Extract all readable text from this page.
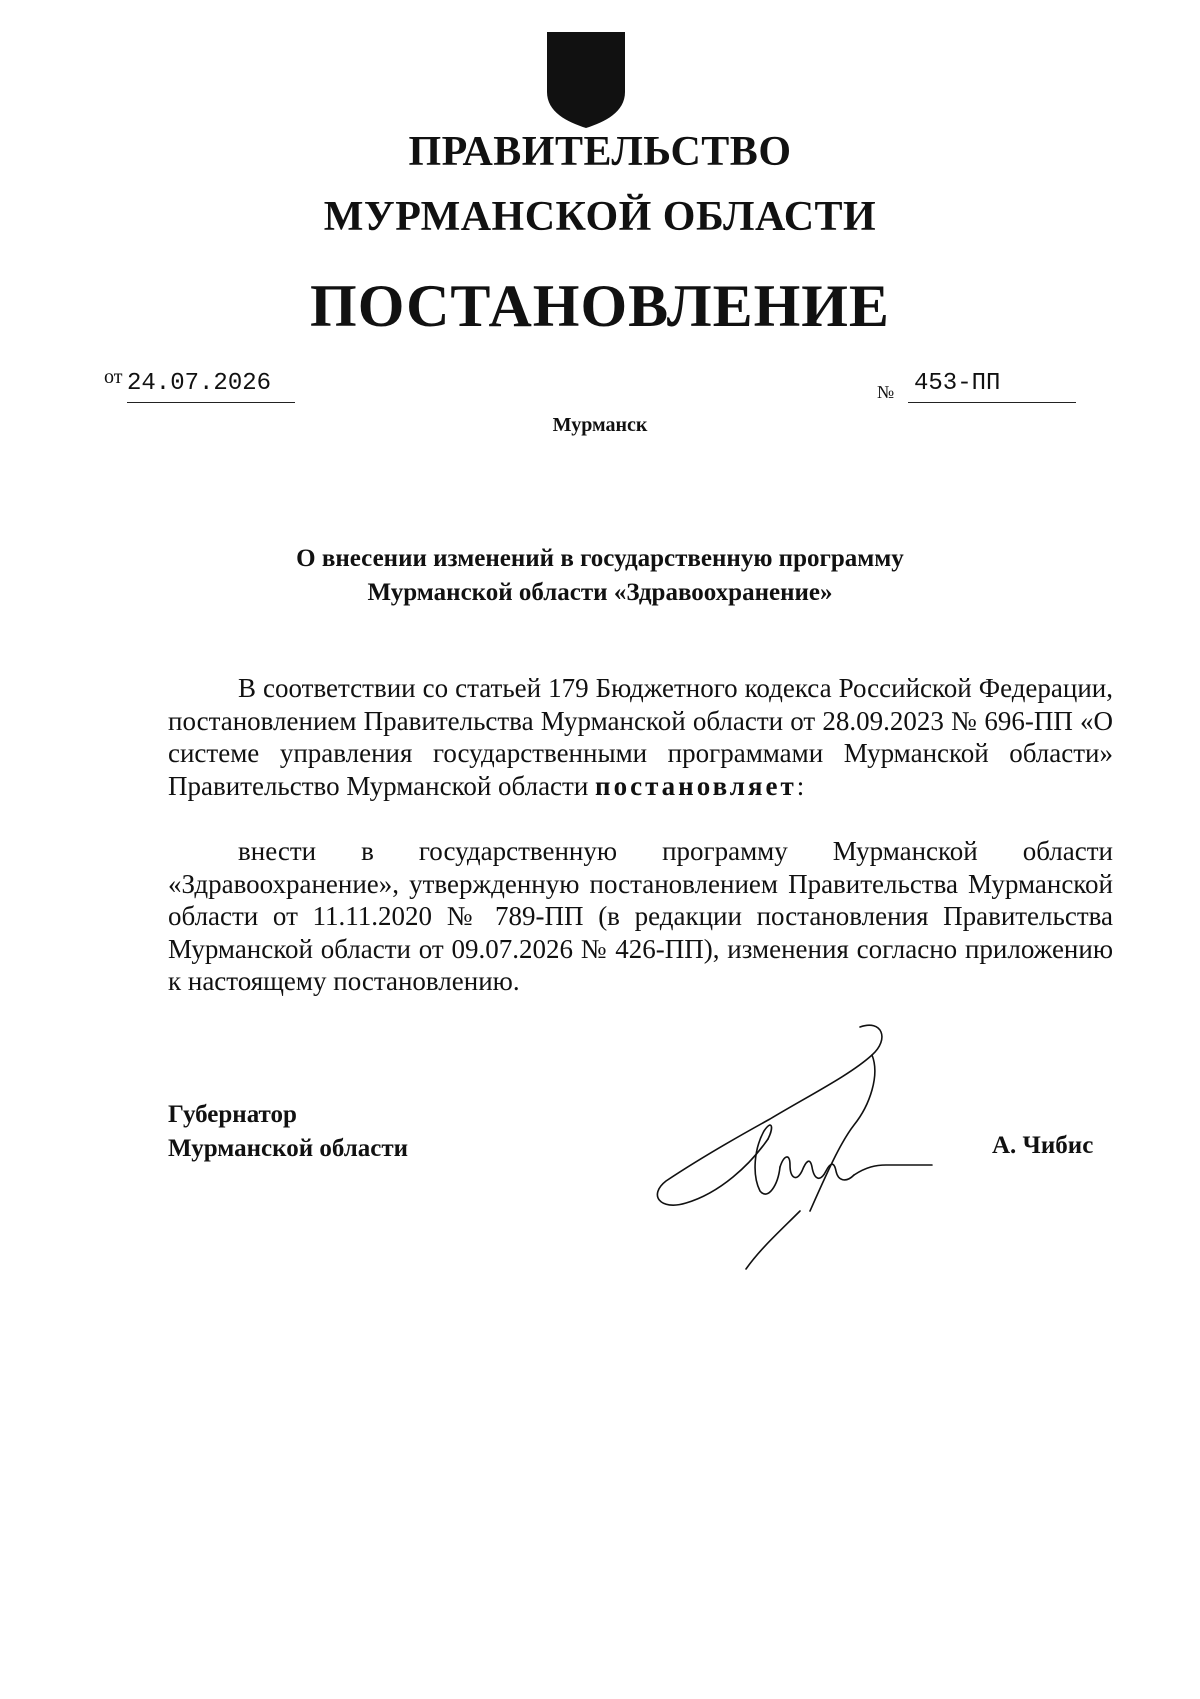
ПРАВИТЕЛЬСТВО
МУРМАНСКОЙ ОБЛАСТИ
ПОСТАНОВЛЕНИЕ
от 24.07.2026	№ 453-ПП
Мурманск
О внесении изменений в государственную программу
Мурманской области «Здравоохранение»

В соответствии со статьей 179 Бюджетного кодекса Российской Федерации, постановлением Правительства Мурманской области от 28.09.2023 № 696-ПП «О системе управления государственными программами Мурманской области» Правительство Мурманской области постановляет:

внести в государственную программу Мурманской области «Здравоохранение», утвержденную постановлением Правительства Мурманской области от 11.11.2020 № 789-ПП (в редакции постановления Правительства Мурманской области от 09.07.2026 № 426-ПП), изменения согласно приложению к настоящему постановлению.

Губернатор
Мурманской области	А. Чибис
